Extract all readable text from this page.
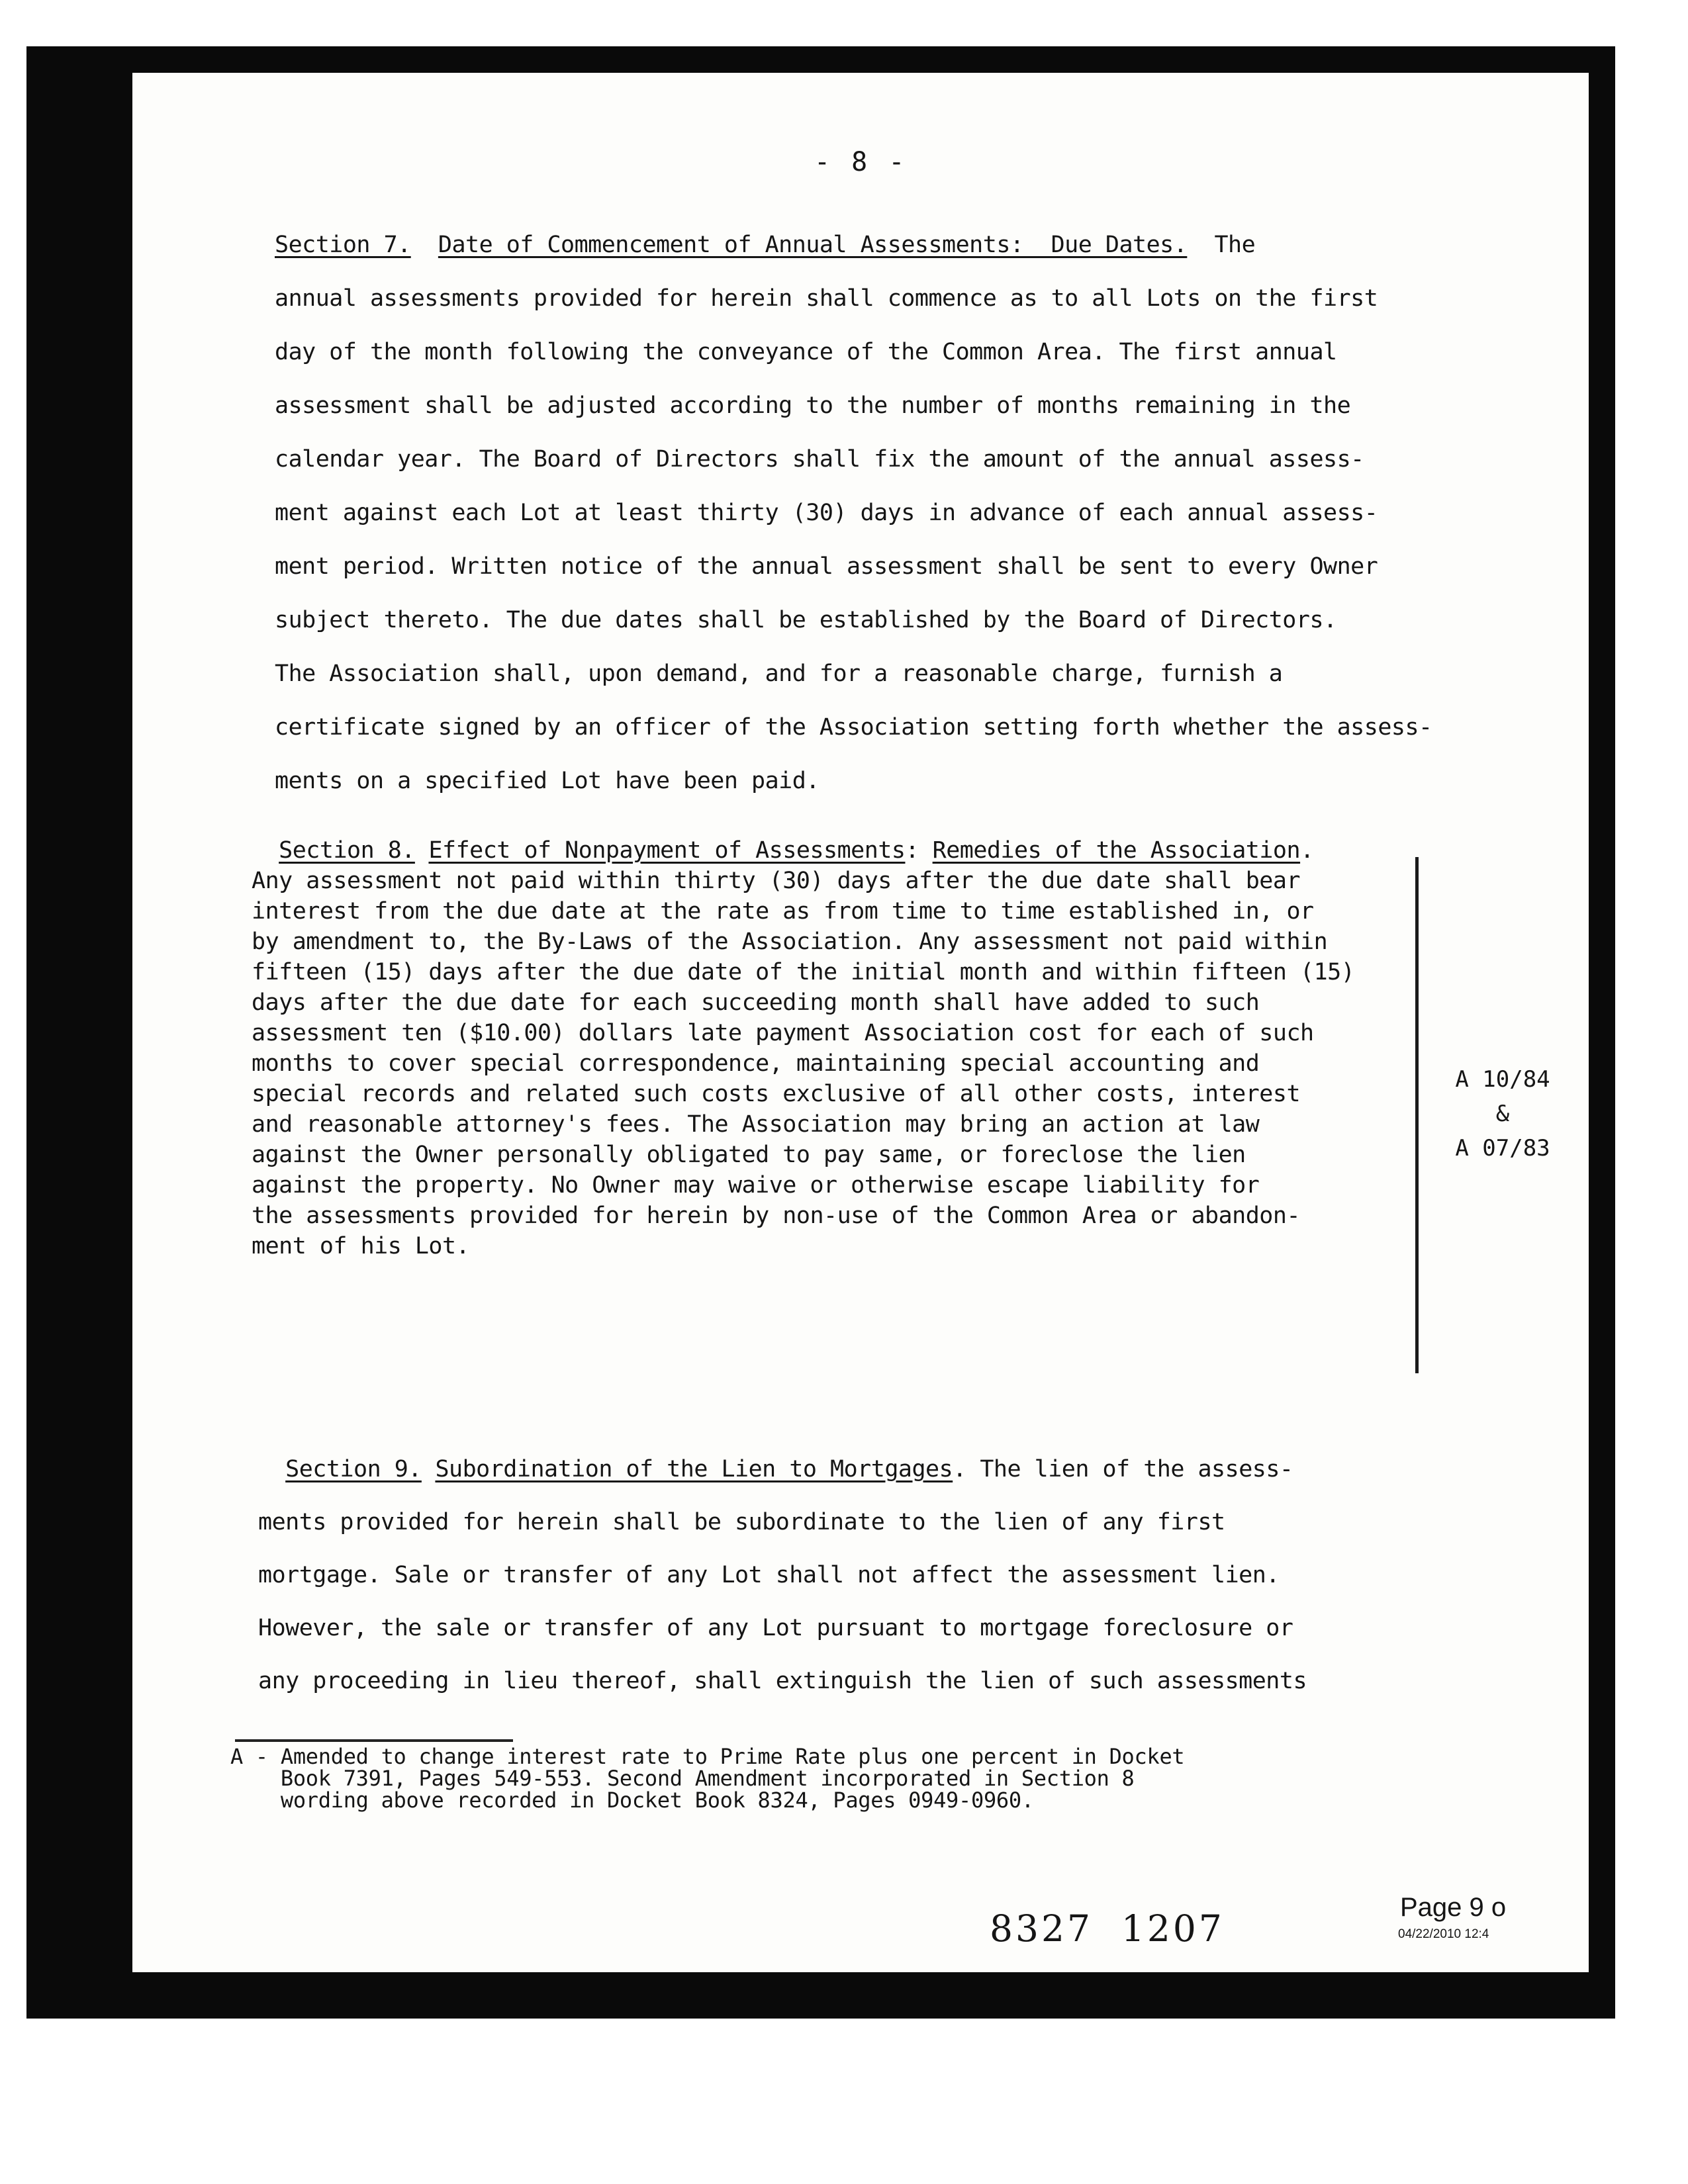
- 8 -
Section 7. Date of Commencement of Annual Assessments:  Due Dates.  The
annual assessments provided for herein shall commence as to all Lots on the first
day of the month following the conveyance of the Common Area. The first annual
assessment shall be adjusted according to the number of months remaining in the
calendar year. The Board of Directors shall fix the amount of the annual assess-
ment against each Lot at least thirty (30) days in advance of each annual assess-
ment period. Written notice of the annual assessment shall be sent to every Owner
subject thereto. The due dates shall be established by the Board of Directors.
The Association shall, upon demand, and for a reasonable charge, furnish a
certificate signed by an officer of the Association setting forth whether the assess-
ments on a specified Lot have been paid.
Section 8. Effect of Nonpayment of Assessments: Remedies of the Association.
Any assessment not paid within thirty (30) days after the due date shall bear
interest from the due date at the rate as from time to time established in, or
by amendment to, the By-Laws of the Association. Any assessment not paid within
fifteen (15) days after the due date of the initial month and within fifteen (15)
days after the due date for each succeeding month shall have added to such
assessment ten ($10.00) dollars late payment Association cost for each of such
months to cover special correspondence, maintaining special accounting and
special records and related such costs exclusive of all other costs, interest
and reasonable attorney's fees. The Association may bring an action at law
against the Owner personally obligated to pay same, or foreclose the lien
against the property. No Owner may waive or otherwise escape liability for
the assessments provided for herein by non-use of the Common Area or abandon-
ment of his Lot.
A 10/84
&
A 07/83
Section 9. Subordination of the Lien to Mortgages. The lien of the assess-
ments provided for herein shall be subordinate to the lien of any first
mortgage. Sale or transfer of any Lot shall not affect the assessment lien.
However, the sale or transfer of any Lot pursuant to mortgage foreclosure or
any proceeding in lieu thereof, shall extinguish the lien of such assessments
A - Amended to change interest rate to Prime Rate plus one percent in Docket
Book 7391, Pages 549-553. Second Amendment incorporated in Section 8
wording above recorded in Docket Book 8324, Pages 0949-0960.
8327  1207	Page 9 o
04/22/2010 12:4
